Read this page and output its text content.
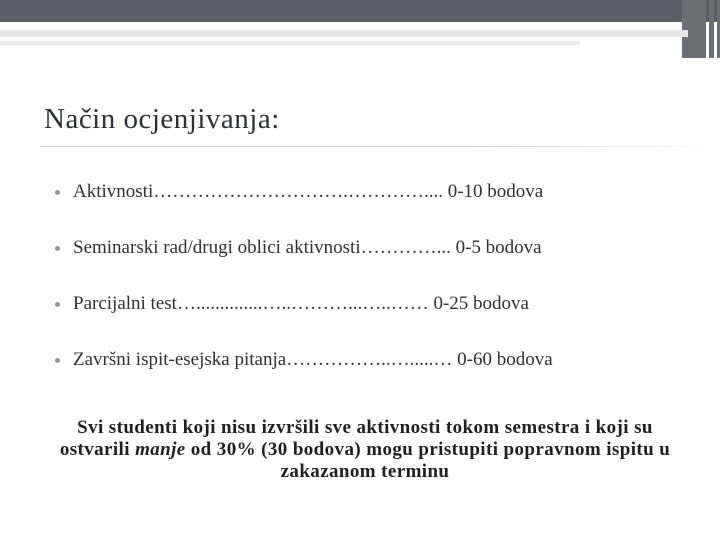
Način ocjenjivanja:
Aktivnosti………………………….………….... 0-10 bodova
Seminarski rad/drugi oblici aktivnosti…………... 0-5 bodova
Parcijalni test…..............…..………...…..…… 0-25 bodova
Završni ispit-esejska pitanja……………..….....… 0-60 bodova

Svi studenti koji nisu izvršili sve aktivnosti tokom semestra i koji su ostvarili manje od 30% (30 bodova) mogu pristupiti popravnom ispitu u zakazanom terminu
